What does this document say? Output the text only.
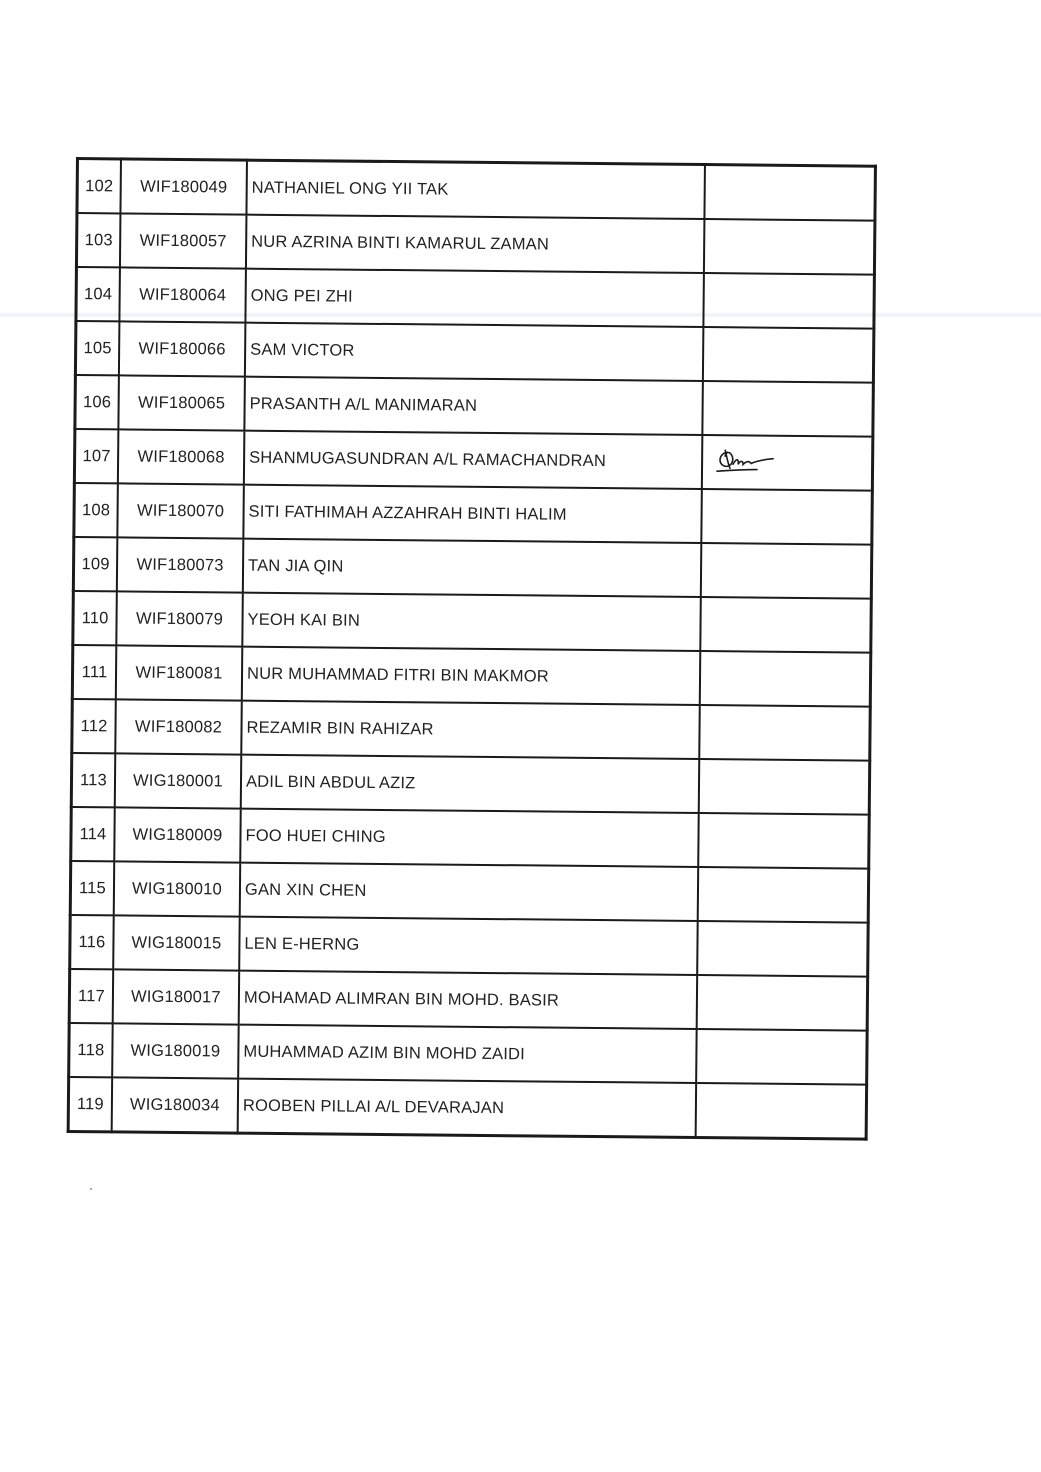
102	WIF180049	NATHANIEL ONG YII TAK	
103	WIF180057	NUR AZRINA BINTI KAMARUL ZAMAN	
104	WIF180064	ONG PEI ZHI	
105	WIF180066	SAM VICTOR	
106	WIF180065	PRASANTH A/L MANIMARAN	
107	WIF180068	SHANMUGASUNDRAN A/L RAMACHANDRAN	

108	WIF180070	SITI FATHIMAH AZZAHRAH BINTI HALIM	
109	WIF180073	TAN JIA QIN	
110	WIF180079	YEOH KAI BIN	
111	WIF180081	NUR MUHAMMAD FITRI BIN MAKMOR	
112	WIF180082	REZAMIR BIN RAHIZAR	
113	WIG180001	ADIL BIN ABDUL AZIZ	
114	WIG180009	FOO HUEI CHING	
115	WIG180010	GAN XIN CHEN	
116	WIG180015	LEN E-HERNG	
117	WIG180017	MOHAMAD ALIMRAN BIN MOHD. BASIR	
118	WIG180019	MUHAMMAD AZIM BIN MOHD ZAIDI	
119	WIG180034	ROOBEN PILLAI A/L DEVARAJAN	
